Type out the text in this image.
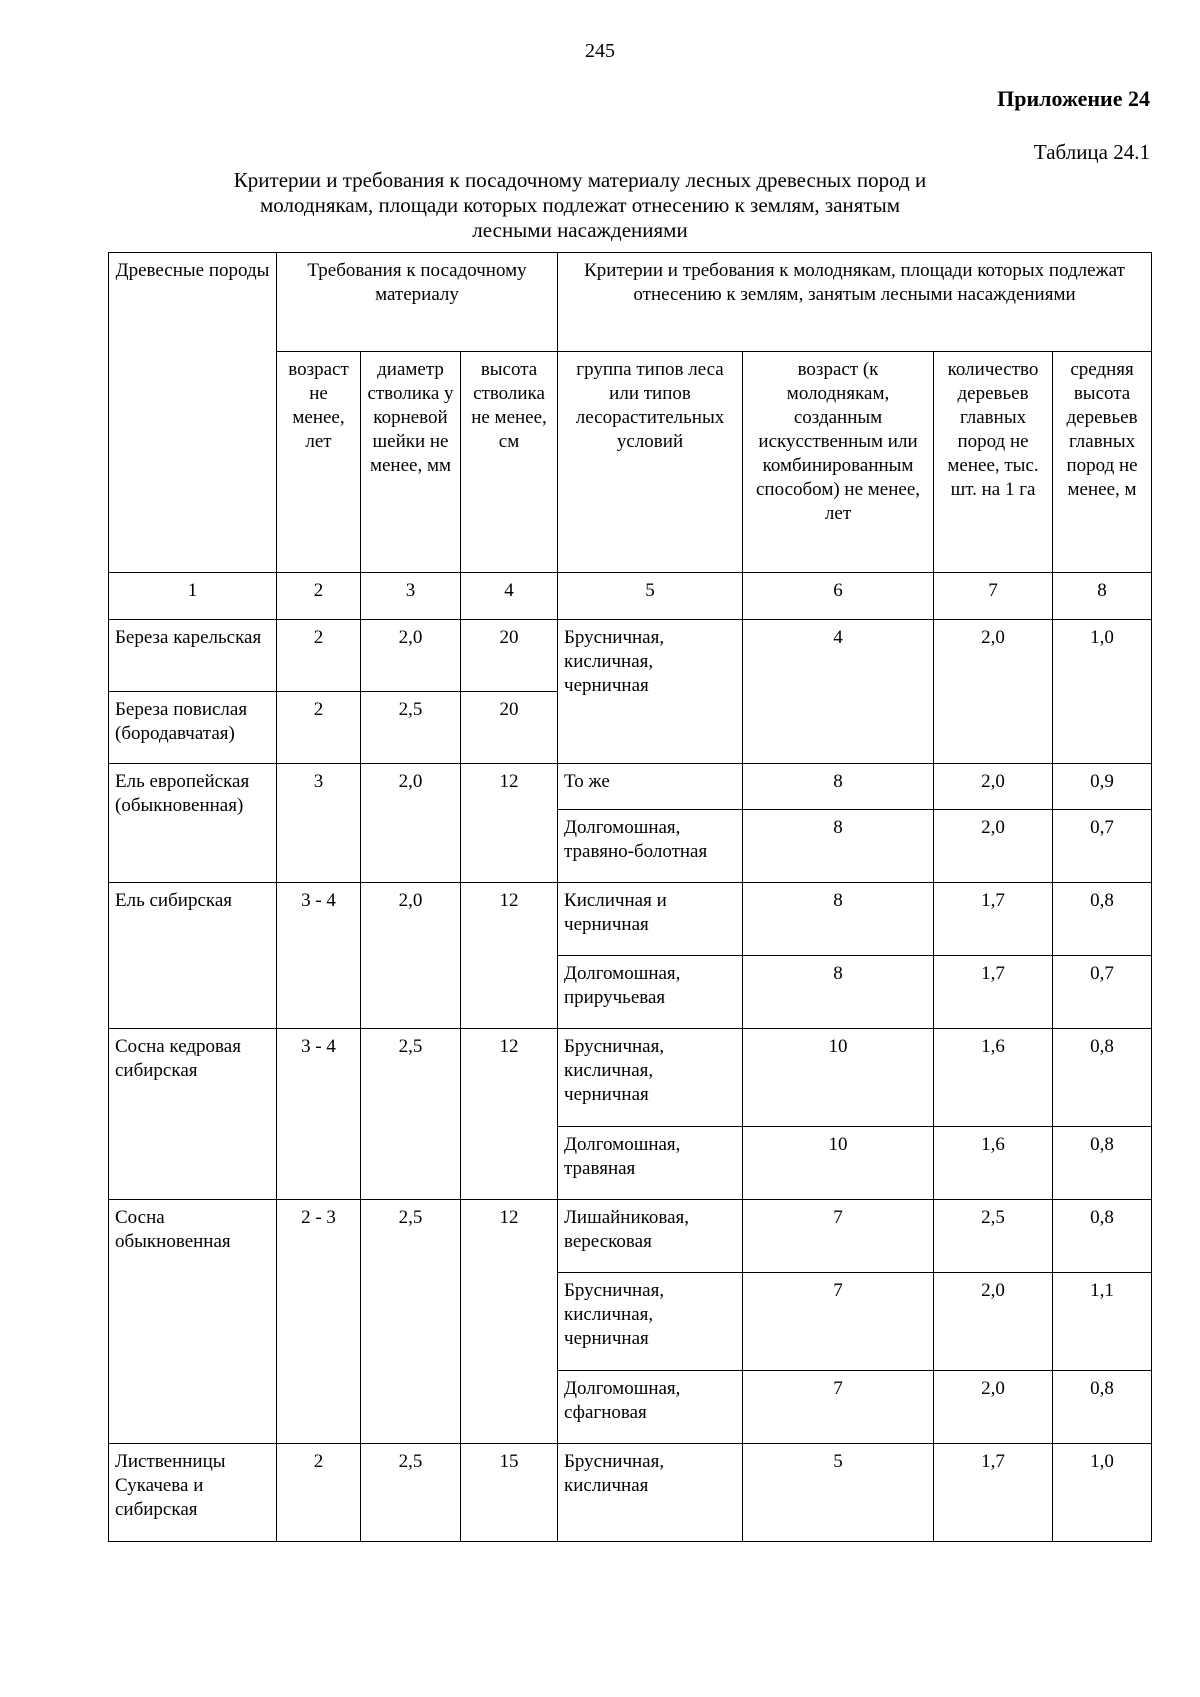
245
Приложение 24
Таблица 24.1
Критерии и требования к посадочному материалу лесных древесных пород и молоднякам, площади которых подлежат отнесению к землям, занятым лесными насаждениями
Древесные породы	Требования к посадочному материалу			Критерии и требования к молоднякам, площади которых подлежат отнесению к землям, занятым лесными насаждениями			
	возраст не менее, лет	диаметр стволика у корневой шейки не менее, мм	высота стволика не менее, см	группа типов леса или типов лесорастительных условий	возраст (к молоднякам, созданным искусственным или комбинированным способом) не менее, лет	количество деревьев главных пород не менее, тыс. шт. на 1 га	средняя высота деревьев главных пород не менее, м
1	2	3	4	5	6	7	8
Береза карельская	2	2,0	20	Брусничная, кисличная, черничная	4	2,0	1,0
Береза повислая (бородавчатая)	2	2,5	20				
Ель европейская (обыкновенная)	3	2,0	12	То же	8	2,0	0,9
				Долгомошная, травяно-болотная	8	2,0	0,7
Ель сибирская	3 - 4	2,0	12	Кисличная и черничная	8	1,7	0,8
				Долгомошная, приручьевая	8	1,7	0,7
Сосна кедровая сибирская	3 - 4	2,5	12	Брусничная, кисличная, черничная	10	1,6	0,8
				Долгомошная, травяная	10	1,6	0,8
Сосна обыкновенная	2 - 3	2,5	12	Лишайниковая, вересковая	7	2,5	0,8
				Брусничная, кисличная, черничная	7	2,0	1,1
				Долгомошная, сфагновая	7	2,0	0,8
Лиственницы Сукачева и сибирская	2	2,5	15	Брусничная, кисличная	5	1,7	1,0
